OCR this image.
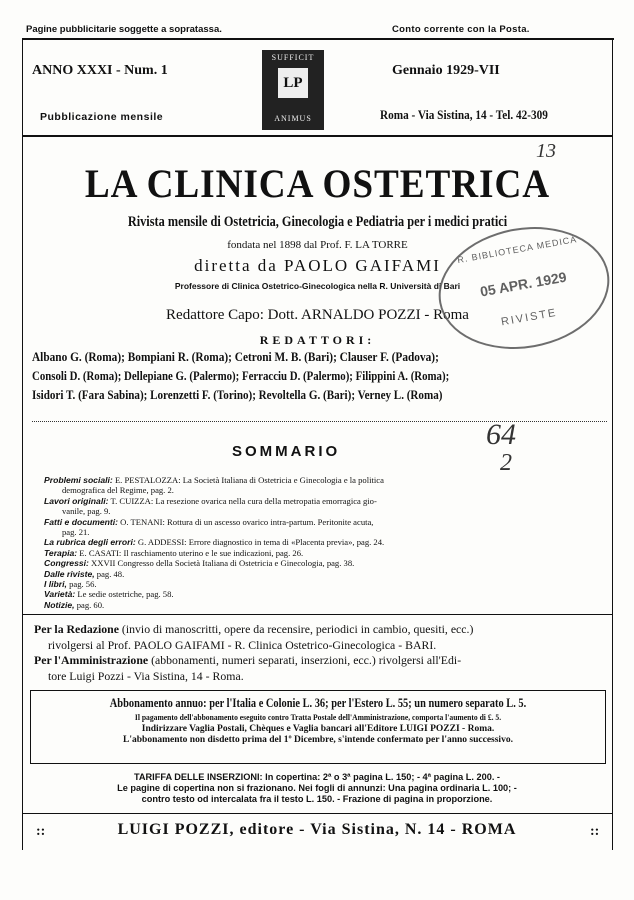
Pagine pubblicitarie soggette a sopratassa.	Conto corrente con la Posta.
ANNO XXXI - Num. 1	Gennaio 1929-VII
Pubblicazione mensile	Roma - Via Sistina, 14 - Tel. 42-309
SUFFICIT
LP
ANIMUS
LA CLINICA OSTETRICA
Rivista mensile di Ostetricia, Ginecologia e Pediatria per i medici pratici
fondata nel 1898 dal Prof. F. LA TORRE
diretta da PAOLO GAIFAMI
Professore di Clinica Ostetrico-Ginecologica nella R. Università di Bari
Redattore Capo: Dott. ARNALDO POZZI - Roma
REDATTORI:
Albano G. (Roma); Bompiani R. (Roma); Cetroni M. B. (Bari); Clauser F. (Padova);
Consoli D. (Roma); Dellepiane G. (Palermo); Ferracciu D. (Palermo); Filippini A. (Roma);
Isidori T. (Fara Sabina); Lorenzetti F. (Torino); Revoltella G. (Bari); Verney L. (Roma)
SOMMARIO
Problemi sociali: E. PESTALOZZA: La Società Italiana di Ostetricia e Ginecologia e la politica
demografica del Regime, pag. 2.
Lavori originali: T. CUIZZA: La resezione ovarica nella cura della metropatia emorragica gio-
vanile, pag. 9.
Fatti e documenti: O. TENANI: Rottura di un ascesso ovarico intra-partum. Peritonite acuta,
pag. 21.
La rubrica degli errori: G. ADDESSI: Errore diagnostico in tema di «Placenta previa», pag. 24.
Terapia: E. CASATI: Il raschiamento uterino e le sue indicazioni, pag. 26.
Congressi: XXVII Congresso della Società Italiana di Ostetricia e Ginecologia, pag. 38.
Dalle riviste, pag. 48.
I libri, pag. 56.
Varietà: Le sedie ostetriche, pag. 58.
Notizie, pag. 60.
Per la Redazione (invio di manoscritti, opere da recensire, periodici in cambio, quesiti, ecc.)
rivolgersi al Prof. PAOLO GAIFAMI - R. Clinica Ostetrico-Ginecologica - BARI.
Per l'Amministrazione (abbonamenti, numeri separati, inserzioni, ecc.) rivolgersi all'Edi-
tore Luigi Pozzi - Via Sistina, 14 - Roma.
Abbonamento annuo: per l'Italia e Colonie L. 36; per l'Estero L. 55; un numero separato L. 5.
Il pagamento dell'abbonamento eseguito contro Tratta Postale dell'Amministrazione, comporta l'aumento di £. 5.
Indirizzare Vaglia Postali, Chèques e Vaglia bancari all'Editore LUIGI POZZI - Roma.
L'abbonamento non disdetto prima del 1º Dicembre, s'intende confermato per l'anno successivo.
TARIFFA DELLE INSERZIONI: In copertina: 2ª o 3ª pagina L. 150; - 4ª pagina L. 200. -
Le pagine di copertina non si frazionano. Nei fogli di annunzi: Una pagina ordinaria L. 100; -
contro testo od intercalata fra il testo L. 150. - Frazione di pagina in proporzione.
::	LUIGI POZZI, editore - Via Sistina, N. 14 - ROMA	::
R. BIBLIOTECA MEDICA
05 APR. 1929
RIVISTE
13
64
2
